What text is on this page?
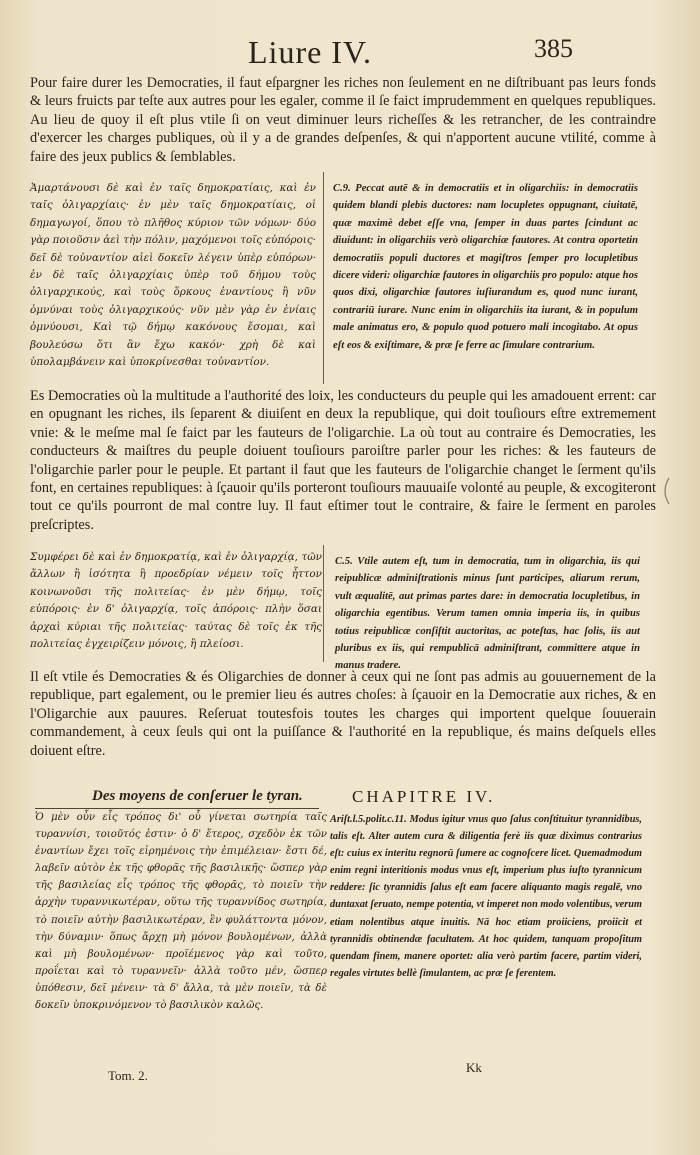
Liure IV.	385
Pour faire durer les Democraties, il faut eſpargner les riches non ſeulement en ne diſtribuant pas leurs fonds & leurs fruicts par teſte aux autres pour les egaler, comme il ſe faict imprudemment en quelques republiques. Au lieu de quoy il eſt plus vtile ſi on veut diminuer leurs richeſſes & les retrancher, de les contraindre d'exercer les charges publiques, où il y a de grandes deſpenſes, & qui n'apportent aucune vtilité, comme à faire des jeux publics & ſemblables.
Ἁμαρτάνουσι δὲ καὶ ἐν ταῖς δημοκρατίαις, καὶ ἐν ταῖς ὀλιγαρχίαις· ἐν μὲν ταῖς δημοκρατίαις, οἱ δημαγωγοί, ὅπου τὸ πλῆθος κύριον τῶν νόμων· δύο γὰρ ποιοῦσιν ἀεὶ τὴν πόλιν, μαχόμενοι τοῖς εὐπόροις· δεῖ δὲ τοὐναντίον αἰεὶ δοκεῖν λέγειν ὑπὲρ εὐπόρων· ἐν δὲ ταῖς ὀλιγαρχίαις ὑπὲρ τοῦ δήμου τοὺς ὀλιγαρχικούς, καὶ τοὺς ὅρκους ἐναντίους ἢ νῦν ὀμνύναι τοὺς ὀλιγαρχικούς· νῦν μὲν γὰρ ἐν ἐνίαις ὀμνύουσι, Καὶ τῷ δήμῳ κακόνους ἔσομαι, καὶ βουλεύσω ὅτι ἂν ἔχω κακόν· χρὴ δὲ καὶ ὑπολαμβάνειν καὶ ὑποκρίνεσθαι τοὐναντίον.
C.9. Peccat autē & in democratiis et in oligarchiis: in democratiis quidem blandi plebis ductores: nam locupletes oppugnant, ciuitatē, quæ maximè debet eſſe vna, ſemper in duas partes ſcindunt ac diuidunt: in oligarchiis verò oligarchiæ fautores. At contra oportetin democratiis populi ductores et magiſtros ſemper pro locupletibus dicere videri: oligarchiæ fautores in oligarchiis pro populo: atque hos quos dixi, oligarchiæ fautores iuſiurandum es, quod nunc iurant, contrariū iurare. Nunc enim in oligarchiis ita iurant, & in populum male animatus ero, & populo quod potuero mali incogitabo. At opus eſt eos & exiſtimare, & præ ſe ferre ac ſimulare contrarium.
Es Democraties où la multitude a l'authorité des loix, les conducteurs du peuple qui les amadouent errent: car en opugnant les riches, ils ſeparent & diuiſent en deux la republique, qui doit touſiours eſtre extremement vnie: & le meſme mal ſe faict par les fauteurs de l'oligarchie. La où tout au contraire és Democraties, les conducteurs & maiſtres du peuple doiuent touſiours paroiſtre parler pour les riches: & les fauteurs de l'oligarchie parler pour le peuple. Et partant il faut que les fauteurs de l'oligarchie changet le ſerment qu'ils font, en certaines republiques: à ſçauoir qu'ils porteront touſiours mauuaiſe volonté au peuple, & excogiteront tout ce qu'ils pourront de mal contre luy. Il faut eſtimer tout le contraire, & faire le ſerment en paroles preſcriptes.
Συμφέρει δὲ καὶ ἐν δημοκρατίᾳ, καὶ ἐν ὀλιγαρχίᾳ, τῶν ἄλλων ἢ ἰσότητα ἢ προεδρίαν νέμειν τοῖς ἧττον κοινωνοῦσι τῆς πολιτείας· ἐν μὲν δήμῳ, τοῖς εὐπόροις· ἐν δ' ὀλιγαρχίᾳ, τοῖς ἀπόροις· πλὴν ὅσαι ἀρχαὶ κύριαι τῆς πολιτείας· ταύτας δὲ τοῖς ἐκ τῆς πολιτείας ἐγχειρίζειν μόνοις, ἢ πλείοσι.
C.5. Vtile autem eſt, tum in democratia, tum in oligarchia, iis qui reipublicæ adminiſtrationis minus ſunt participes, aliarum rerum, vult æqualitē, aut primas partes dare: in democratia locupletibus, in oligarchia egentibus. Verum tamen omnia imperia iis, in quibus totius reipublicæ conſiſtit auctoritas, ac poteſtas, hac ſolis, iis aut pluribus ex iis, qui rempublicā adminiſtrant, committere atque in manus tradere.
Il eſt vtile és Democraties & és Oligarchies de donner à ceux qui ne ſont pas admis au gouuernement de la republique, part egalement, ou le premier lieu és autres choſes: à ſçauoir en la Democratie aux riches, & en l'Oligarchie aux pauures. Reſeruat toutesfois toutes les charges qui importent quelque ſouuerain commandement, à ceux ſeuls qui ont la puiſſance & l'authorité en la republique, és mains deſquels elles doiuent eſtre.
Des moyens de conſeruer le tyran.	CHAPITRE IV.
Ὁ μὲν οὖν εἷς τρόπος δι' οὗ γίνεται σωτηρία ταῖς τυραννίσι, τοιοῦτός ἐστιν· ὁ δ' ἕτερος, σχεδὸν ἐκ τῶν ἐναντίων ἔχει τοῖς εἰρημένοις τὴν ἐπιμέλειαν· ἔστι δέ, λαβεῖν αὐτὸν ἐκ τῆς φθορᾶς τῆς βασιλικῆς· ὥσπερ γὰρ τῆς βασιλείας εἷς τρόπος τῆς φθορᾶς, τὸ ποιεῖν τὴν ἀρχὴν τυραννικωτέραν, οὕτω τῆς τυραννίδος σωτηρία, τὸ ποιεῖν αὐτὴν βασιλικωτέραν, ἓν φυλάττοντα μόνον, τὴν δύναμιν· ὅπως ἄρχῃ μὴ μόνον βουλομένων, ἀλλὰ καὶ μὴ βουλομένων· προϊέμενος γὰρ καὶ τοῦτο, προΐεται καὶ τὸ τυραννεῖν· ἀλλὰ τοῦτο μέν, ὥσπερ ὑπόθεσιν, δεῖ μένειν· τὰ δ' ἄλλα, τὰ μὲν ποιεῖν, τὰ δὲ δοκεῖν ὑποκρινόμενον τὸ βασιλικὸν καλῶς.
Ariſt.l.5.polit.c.11. Modus igitur vnus quo ſalus conſtituitur tyrannidibus, talis eſt. Alter autem cura & diligentia ferè iis quæ diximus contrarius eſt: cuius ex interitu regnorū ſumere ac cognoſcere licet. Quemadmodum enim regni interitionis modus vnus eſt, imperium plus iuſto tyrannicum reddere: ſic tyrannidis ſalus eſt eam facere aliquanto magis regalē, vno duntaxat ſeruato, nempe potentia, vt imperet non modo volentibus, verum etiam nolentibus atque inuitis. Nā hoc etiam proiiciens, proiicit et tyrannidis obtinendæ facultatem. At hoc quidem, tanquam propoſitum quendam finem, manere oportet: alia verò partim facere, partim videri, regales virtutes bellè ſimulantem, ac præ ſe ferentem.
Tom. 2.
Kk
